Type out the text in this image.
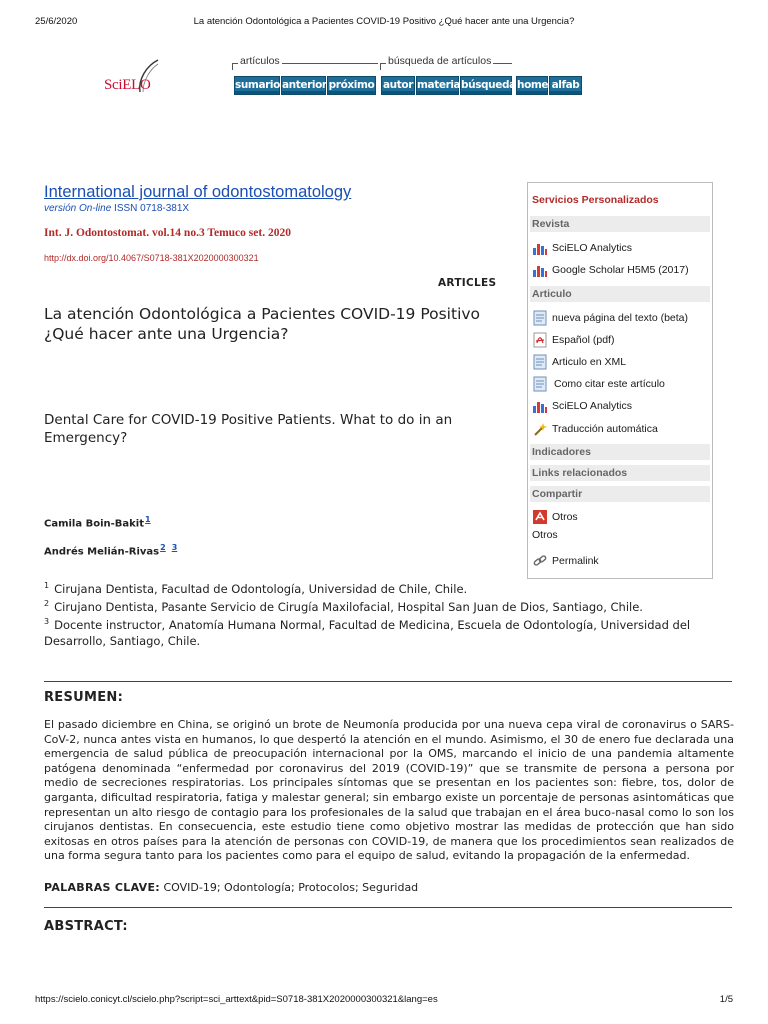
25/6/2020	La atención Odontológica a Pacientes COVID-19 Positivo ¿Qué hacer ante una Urgencia?
SciELO
artículos	búsqueda de artículos
sumario anterior próximo autor materia búsqueda home alfab
International journal of odontostomatology
versión On-line ISSN 0718-381X
Int. J. Odontostomat. vol.14 no.3 Temuco set. 2020
http://dx.doi.org/10.4067/S0718-381X2020000300321
ARTICLES
La atención Odontológica a Pacientes COVID-19 Positivo ¿Qué hacer ante una Urgencia?
Dental Care for COVID-19 Positive Patients. What to do in an Emergency?
Camila Boin-Bakit$^1$
Andrés Melián-Rivas$^2$ $^3$
$^1$ Cirujana Dentista, Facultad de Odontología, Universidad de Chile, Chile.
$^2$ Cirujano Dentista, Pasante Servicio de Cirugía Maxilofacial, Hospital San Juan de Dios, Santiago, Chile.
$^3$ Docente instructor, Anatomía Humana Normal, Facultad de Medicina, Escuela de Odontología, Universidad del Desarrollo, Santiago, Chile.
RESUMEN:
El pasado diciembre en China, se originó un brote de Neumonía producida por una nueva cepa viral de coronavirus o SARS-CoV-2, nunca antes vista en humanos, lo que despertó la atención en el mundo. Asimismo, el 30 de enero fue declarada una emergencia de salud pública de preocupación internacional por la OMS, marcando el inicio de una pandemia altamente patógena denominada “enfermedad por coronavirus del 2019 (COVID-19)” que se transmite de persona a persona por medio de secreciones respiratorias. Los principales síntomas que se presentan en los pacientes son: fiebre, tos, dolor de garganta, dificultad respiratoria, fatiga y malestar general; sin embargo existe un porcentaje de personas asintomáticas que representan un alto riesgo de contagio para los profesionales de la salud que trabajan en el área buco-nasal como lo son los cirujanos dentistas. En consecuencia, este estudio tiene como objetivo mostrar las medidas de protección que han sido exitosas en otros países para la atención de personas con COVID-19, de manera que los procedimientos sean realizados de una forma segura tanto para los pacientes como para el equipo de salud, evitando la propagación de la enfermedad.
PALABRAS CLAVE: COVID-19; Odontología; Protocolos; Seguridad
ABSTRACT:
Servicios Personalizados
Revista
SciELO Analytics
Google Scholar H5M5 (2017)
Articulo
nueva página del texto (beta)
Español (pdf)
Articulo en XML
Como citar este artículo
SciELO Analytics
Traducción automática
Indicadores
Links relacionados
Compartir
Otros
Otros
Permalink
https://scielo.conicyt.cl/scielo.php?script=sci_arttext&pid=S0718-381X2020000300321&lang=es	1/5
